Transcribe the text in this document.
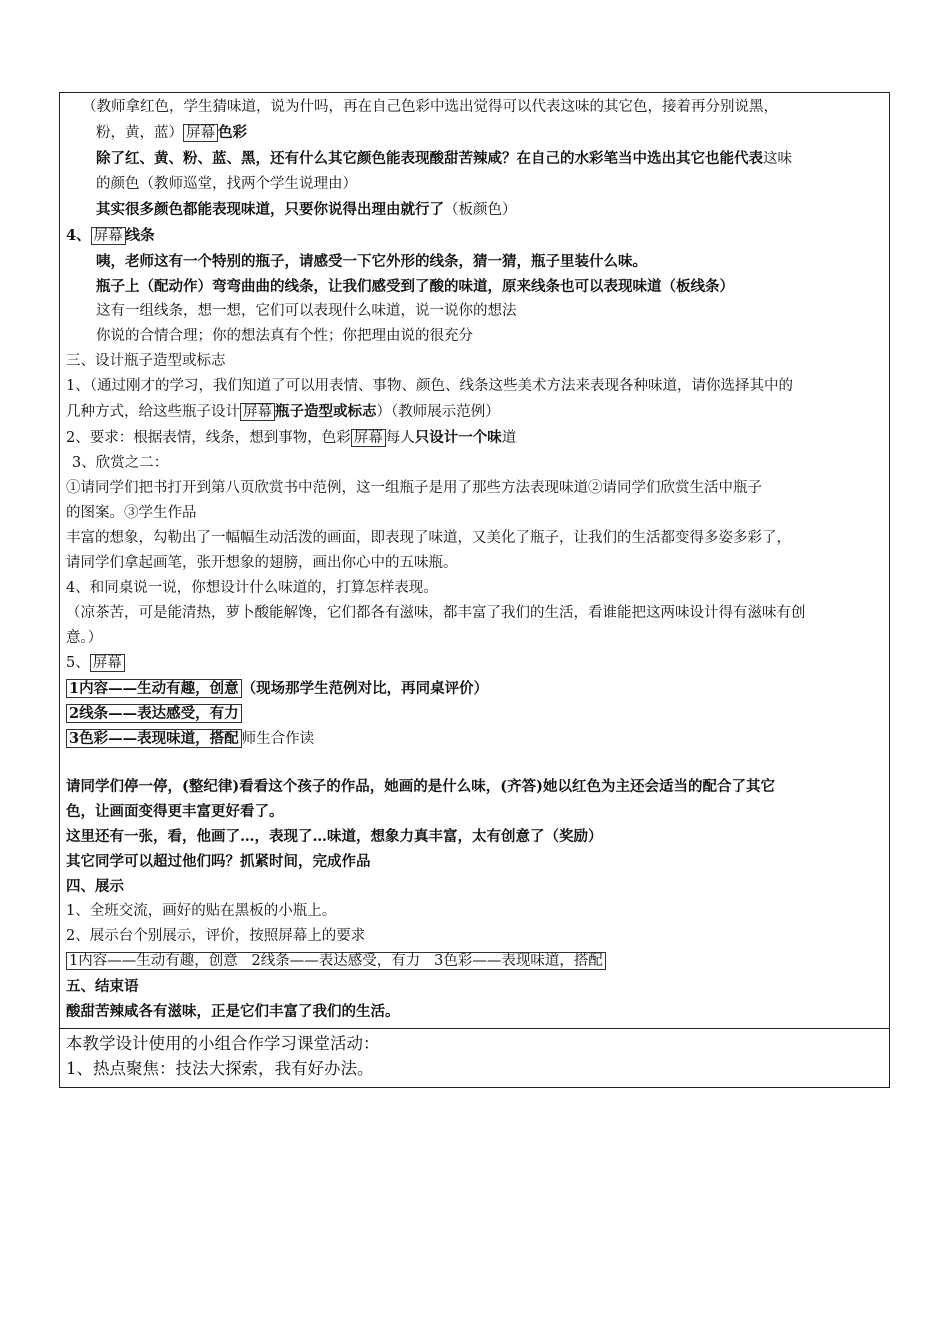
（教师拿红色，学生猜味道，说为什吗，再在自己色彩中选出觉得可以代表这味的其它色，接着再分别说黑，

粉，黄，蓝） 屏幕 色彩

除了红、黄、粉、蓝、黑，还有什么其它颜色能表现酸甜苦辣咸？在自己的水彩笔当中选出其它也能代表这味

的颜色（教师巡堂，找两个学生说理由）

其实很多颜色都能表现味道，只要你说得出理由就行了（板颜色）

4、 屏幕 线条

咦，老师这有一个特别的瓶子，请感受一下它外形的线条，猜一猜，瓶子里装什么味。

瓶子上（配动作）弯弯曲曲的线条，让我们感受到了酸的味道，原来线条也可以表现味道（板线条）

这有一组线条，想一想，它们可以表现什么味道，说一说你的想法

你说的合情合理；你的想法真有个性；你把理由说的很充分

三、设计瓶子造型或标志

1、（通过刚才的学习，我们知道了可以用表情、事物、颜色、线条这些美术方法来表现各种味道，请你选择其中的

几种方式，给这些瓶子设计 屏幕 瓶子造型或标志）（教师展示范例）

2、要求：根据表情，线条，想到事物，色彩 屏幕 每人只设计一个味道

3、欣赏之二：

①请同学们把书打开到第八页欣赏书中范例，这一组瓶子是用了那些方法表现味道②请同学们欣赏生活中瓶子

的图案。③学生作品

丰富的想象，勾勒出了一幅幅生动活泼的画面，即表现了味道，又美化了瓶子，让我们的生活都变得多姿多彩了，

请同学们拿起画笔，张开想象的翅膀，画出你心中的五味瓶。

4、和同桌说一说，你想设计什么味道的，打算怎样表现。

（凉茶苦，可是能清热，萝卜酸能解馋，它们都各有滋味，都丰富了我们的生活，看谁能把这两味设计得有滋味有创

意。）

5、 屏幕

1内容——生动有趣，创意 （现场那学生范例对比，再同桌评价）

2线条——表达感受，有力

3色彩——表现味道，搭配 师生合作读

请同学们停一停，(整纪律)看看这个孩子的作品，她画的是什么味，(齐答)她以红色为主还会适当的配合了其它

色，让画面变得更丰富更好看了。

这里还有一张，看，他画了…，表现了…味道，想象力真丰富，太有创意了（奖励）

其它同学可以超过他们吗？抓紧时间，完成作品

四、展示

1、全班交流，画好的贴在黑板的小瓶上。

2、展示台个别展示，评价，按照屏幕上的要求

1内容——生动有趣，创意   2线条——表达感受，有力   3色彩——表现味道，搭配

五、结束语

酸甜苦辣咸各有滋味，正是它们丰富了我们的生活。

本教学设计使用的小组合作学习课堂活动：

1、热点聚焦：技法大探索，我有好办法。
